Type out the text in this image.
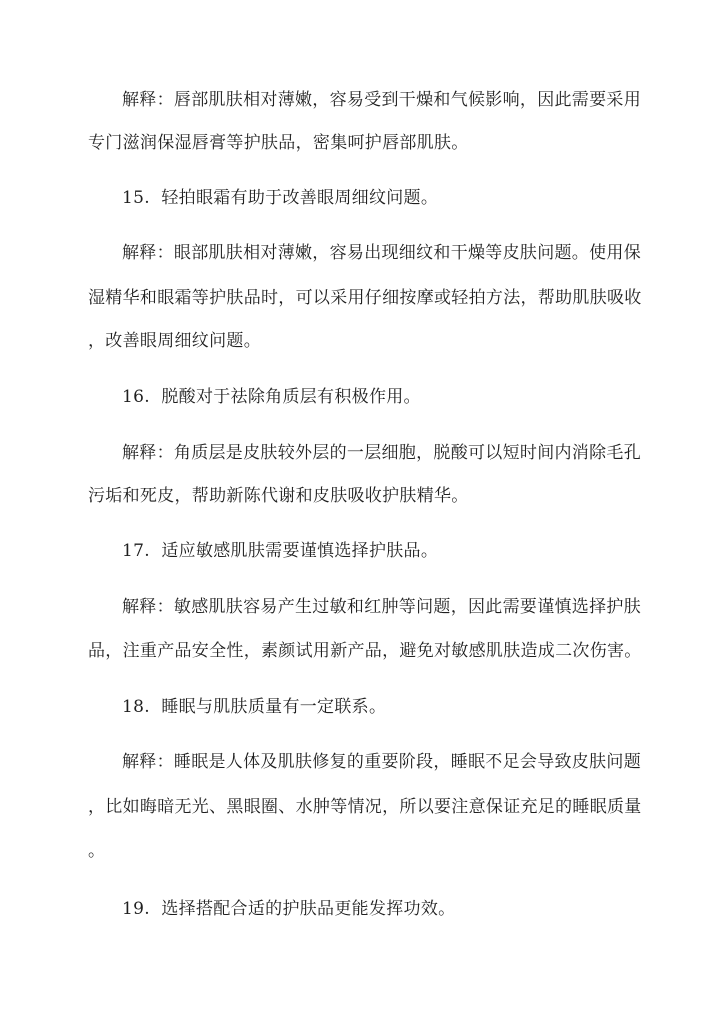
解释：唇部肌肤相对薄嫩，容易受到干燥和气候影响，因此需要采用
专门滋润保湿唇膏等护肤品，密集呵护唇部肌肤。
15. 轻拍眼霜有助于改善眼周细纹问题。
解释：眼部肌肤相对薄嫩，容易出现细纹和干燥等皮肤问题。使用保
湿精华和眼霜等护肤品时，可以采用仔细按摩或轻拍方法，帮助肌肤吸收
，改善眼周细纹问题。
16. 脱酸对于祛除角质层有积极作用。
解释：角质层是皮肤较外层的一层细胞，脱酸可以短时间内消除毛孔
污垢和死皮，帮助新陈代谢和皮肤吸收护肤精华。
17. 适应敏感肌肤需要谨慎选择护肤品。
解释：敏感肌肤容易产生过敏和红肿等问题，因此需要谨慎选择护肤
品，注重产品安全性，素颜试用新产品，避免对敏感肌肤造成二次伤害。
18. 睡眠与肌肤质量有一定联系。
解释：睡眠是人体及肌肤修复的重要阶段，睡眠不足会导致皮肤问题
，比如晦暗无光、黑眼圈、水肿等情况，所以要注意保证充足的睡眠质量
。
19. 选择搭配合适的护肤品更能发挥功效。
